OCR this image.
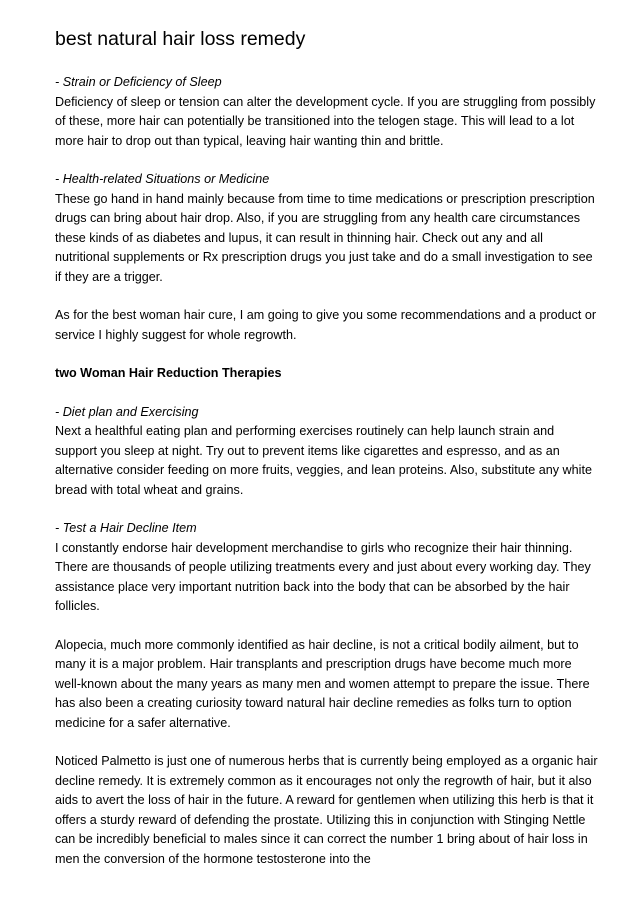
best natural hair loss remedy
- Strain or Deficiency of Sleep
Deficiency of sleep or tension can alter the development cycle. If you are struggling from possibly of these, more hair can potentially be transitioned into the telogen stage. This will lead to a lot more hair to drop out than typical, leaving hair wanting thin and brittle.
- Health-related Situations or Medicine
These go hand in hand mainly because from time to time medications or prescription prescription drugs can bring about hair drop. Also, if you are struggling from any health care circumstances these kinds of as diabetes and lupus, it can result in thinning hair. Check out any and all nutritional supplements or Rx prescription drugs you just take and do a small investigation to see if they are a trigger.
As for the best woman hair cure, I am going to give you some recommendations and a product or service I highly suggest for whole regrowth.
two Woman Hair Reduction Therapies
- Diet plan and Exercising
Next a healthful eating plan and performing exercises routinely can help launch strain and support you sleep at night. Try out to prevent items like cigarettes and espresso, and as an alternative consider feeding on more fruits, veggies, and lean proteins. Also, substitute any white bread with total wheat and grains.
- Test a Hair Decline Item
I constantly endorse hair development merchandise to girls who recognize their hair thinning. There are thousands of people utilizing treatments every and just about every working day. They assistance place very important nutrition back into the body that can be absorbed by the hair follicles.
Alopecia, much more commonly identified as hair decline, is not a critical bodily ailment, but to many it is a major problem. Hair transplants and prescription drugs have become much more well-known about the many years as many men and women attempt to prepare the issue. There has also been a creating curiosity toward natural hair decline remedies as folks turn to option medicine for a safer alternative.
Noticed Palmetto is just one of numerous herbs that is currently being employed as a organic hair decline remedy. It is extremely common as it encourages not only the regrowth of hair, but it also aids to avert the loss of hair in the future. A reward for gentlemen when utilizing this herb is that it offers a sturdy reward of defending the prostate. Utilizing this in conjunction with Stinging Nettle can be incredibly beneficial to males since it can correct the number 1 bring about of hair loss in men the conversion of the hormone testosterone into the
